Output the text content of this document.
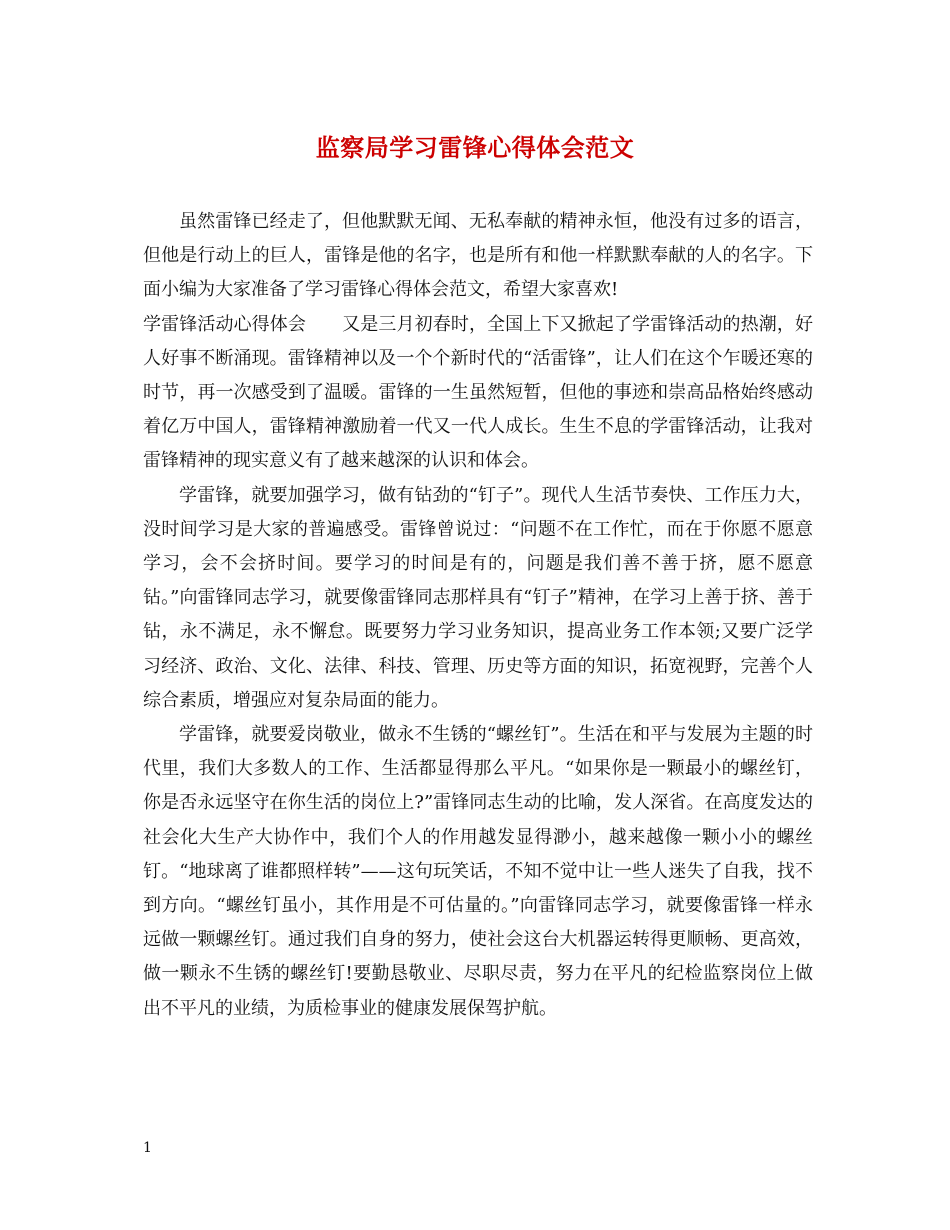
监察局学习雷锋心得体会范文

虽然雷锋已经走了，但他默默无闻、无私奉献的精神永恒，他没有过多的语言，但他是行动上的巨人，雷锋是他的名字，也是所有和他一样默默奉献的人的名字。下面小编为大家准备了学习雷锋心得体会范文，希望大家喜欢!

学雷锋活动心得体会   又是三月初春时，全国上下又掀起了学雷锋活动的热潮，好人好事不断涌现。雷锋精神以及一个个新时代的“活雷锋”，让人们在这个乍暖还寒的时节，再一次感受到了温暖。雷锋的一生虽然短暂，但他的事迹和崇高品格始终感动着亿万中国人，雷锋精神激励着一代又一代人成长。生生不息的学雷锋活动，让我对雷锋精神的现实意义有了越来越深的认识和体会。

学雷锋，就要加强学习，做有钻劲的“钉子”。现代人生活节奏快、工作压力大，没时间学习是大家的普遍感受。雷锋曾说过：“问题不在工作忙，而在于你愿不愿意学习，会不会挤时间。要学习的时间是有的，问题是我们善不善于挤，愿不愿意钻。”向雷锋同志学习，就要像雷锋同志那样具有“钉子”精神，在学习上善于挤、善于钻，永不满足，永不懈怠。既要努力学习业务知识，提高业务工作本领;又要广泛学习经济、政治、文化、法律、科技、管理、历史等方面的知识，拓宽视野，完善个人综合素质，增强应对复杂局面的能力。

学雷锋，就要爱岗敬业，做永不生锈的“螺丝钉”。生活在和平与发展为主题的时代里，我们大多数人的工作、生活都显得那么平凡。“如果你是一颗最小的螺丝钉，你是否永远坚守在你生活的岗位上?”雷锋同志生动的比喻，发人深省。在高度发达的社会化大生产大协作中，我们个人的作用越发显得渺小，越来越像一颗小小的螺丝钉。“地球离了谁都照样转”——这句玩笑话，不知不觉中让一些人迷失了自我，找不到方向。“螺丝钉虽小，其作用是不可估量的。”向雷锋同志学习，就要像雷锋一样永远做一颗螺丝钉。通过我们自身的努力，使社会这台大机器运转得更顺畅、更高效，做一颗永不生锈的螺丝钉!要勤恳敬业、尽职尽责，努力在平凡的纪检监察岗位上做出不平凡的业绩，为质检事业的健康发展保驾护航。

1
